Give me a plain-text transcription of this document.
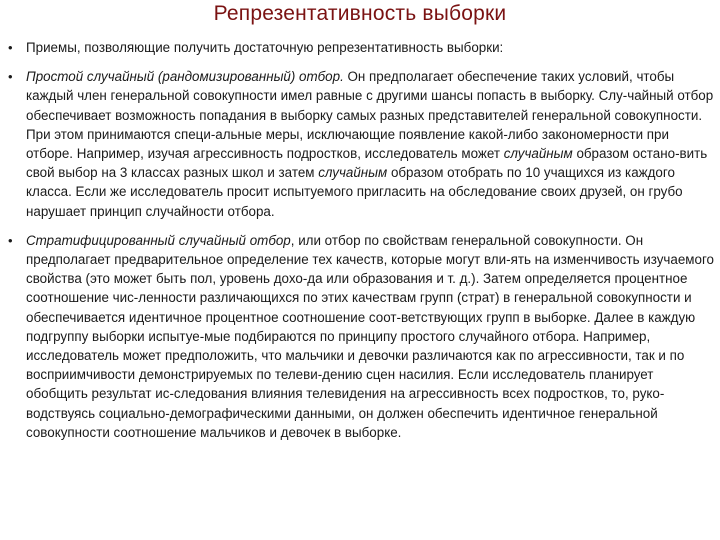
Репрезентативность выборки

• Приемы, позволяющие получить достаточную репрезентативность выборки:

• Простой случайный (рандомизированный) отбор. Он предполагает обеспечение таких условий, чтобы каждый член генеральной совокупности имел равные с другими шансы попасть в выборку. Слу-чайный отбор обеспечивает возможность попадания в выборку самых разных представителей генеральной совокупности. При этом принимаются специ-альные меры, исключающие появление какой-либо закономерности при отборе. Например, изучая агрессивность подростков, исследователь может случайным образом остано-вить свой выбор на 3 классах разных школ и затем случайным образом отобрать по 10 учащихся из каждого класса. Если же исследователь просит испытуемого пригласить на обследование своих друзей, он грубо нарушает принцип случайности отбора.

• Стратифицированный случайный отбор, или отбор по свойствам генеральной совокупности. Он предполагает предварительное определение тех качеств, которые могут вли-ять на изменчивость изучаемого свойства (это может быть пол, уровень дохо-да или образования и т. д.). Затем определяется процентное соотношение чис-ленности различающихся по этих качествам групп (страт) в генеральной совокупности и обеспечивается идентичное процентное соотношение соот-ветствующих групп в выборке. Далее в каждую подгруппу выборки испытуе-мые подбираются по принципу простого случайного отбора. Например, исследователь может предположить, что мальчики и девочки различаются как по агрессивности, так и по восприимчивости демонстрируемых по телеви-дению сцен насилия. Если исследователь планирует обобщить результат ис-следования влияния телевидения на агрессивность всех подростков, то, руко-водствуясь социально-демографическими данными, он должен обеспечить идентичное генеральной совокупности соотношение мальчиков и девочек в выборке.
